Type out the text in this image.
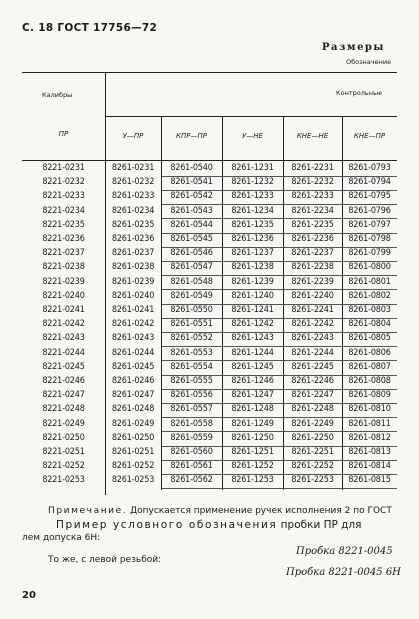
С. 18 ГОСТ 17756—72
Размеры
Обозначение
Калибры	Контрольные
ПР	У—ПР	КПР—ПР	У—НЕ	КНЕ—НЕ	КНЕ—ПР
8221-0231	8261-0231	8261-0540	8261-1231	8261-2231	8261-0793
8221-0232	8261-0232	8261-0541	8261-1232	8261-2232	8261-0794
8221-0233	8261-0233	8261-0542	8261-1233	8261-2233	8261-0795
8221-0234	8261-0234	8261-0543	8261-1234	8261-2234	8261-0796
8221-0235	8261-0235	8261-0544	8261-1235	8261-2235	8261-0797
8221-0236	8261-0236	8261-0545	8261-1236	8261-2236	8261-0798
8221-0237	8261-0237	8261-0546	8261-1237	8261-2237	8261-0799
8221-0238	8261-0238	8261-0547	8261-1238	8261-2238	8261-0800
8221-0239	8261-0239	8261-0548	8261-1239	8261-2239	8261-0801
8221-0240	8261-0240	8261-0549	8261-1240	8261-2240	8261-0802
8221-0241	8261-0241	8261-0550	8261-1241	8261-2241	8261-0803
8221-0242	8261-0242	8261-0551	8261-1242	8261-2242	8261-0804
8221-0243	8261-0243	8261-0552	8261-1243	8261-2243	8261-0805
8221-0244	8261-0244	8261-0553	8261-1244	8261-2244	8261-0806
8221-0245	8261-0245	8261-0554	8261-1245	8261-2245	8261-0807
8221-0246	8261-0246	8261-0555	8261-1246	8261-2246	8261-0808
8221-0247	8261-0247	8261-0556	8261-1247	8261-2247	8261-0809
8221-0248	8261-0248	8261-0557	8261-1248	8261-2248	8261-0810
8221-0249	8261-0249	8261-0558	8261-1249	8261-2249	8261-0811
8221-0250	8261-0250	8261-0559	8261-1250	8261-2250	8261-0812
8221-0251	8261-0251	8261-0560	8261-1251	8261-2251	8261-0813
8221-0252	8261-0252	8261-0561	8261-1252	8261-2252	8261-0814
8221-0253	8261-0253	8261-0562	8261-1253	8261-2253	8261-0815
Примечание. Допускается применение ручек исполнения 2 по ГОСТ
Пример условного обозначения пробки ПР для
лем допуска 6H:
Пробка 8221-0045
То же, с левой резьбой:
Пробка 8221-0045 6H
20
